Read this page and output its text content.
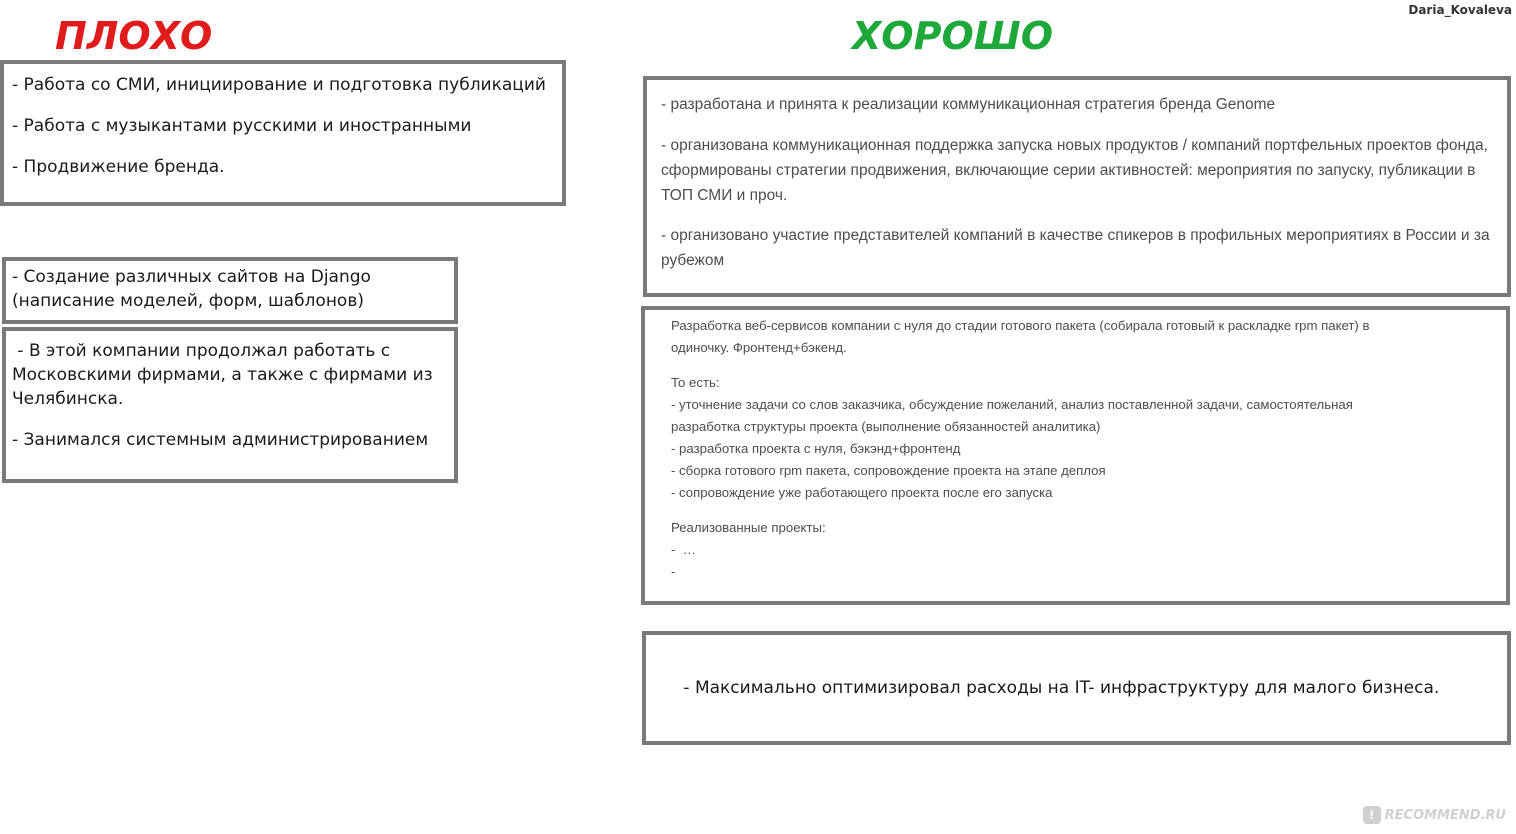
Daria_Kovaleva
ПЛОХО	ХОРОШО
- Работа со СМИ, инициирование и подготовка публикаций
- Работа с музыкантами русскими и иностранными
- Продвижение бренда.
- Создание различных сайтов на Django
(написание моделей, форм, шаблонов)
- В этой компании продолжал работать с
Московскими фирмами, а также с фирмами из
Челябинска.
- Занимался системным администрированием
- разработана и принята к реализации коммуникационная стратегия бренда Genome
- организована коммуникационная поддержка запуска новых продуктов / компаний портфельных проектов фонда,
сформированы стратегии продвижения, включающие серии активностей: мероприятия по запуску, публикации в
ТОП СМИ и проч.
- организовано участие представителей компаний в качестве спикеров в профильных мероприятиях в России и за
рубежом
Разработка веб-сервисов компании с нуля до стадии готового пакета (собирала готовый к раскладке rpm пакет) в
одиночку. Фронтенд+бэкенд.
То есть:
- уточнение задачи со слов заказчика, обсуждение пожеланий, анализ поставленной задачи, самостоятельная
разработка структуры проекта (выполнение обязанностей аналитика)
- разработка проекта с нуля, бэкэнд+фронтенд
- сборка готового rpm пакета, сопровождение проекта на этапе деплоя
- сопровождение уже работающего проекта после его запуска
Реализованные проекты:
-  …
-
- Максимально оптимизировал расходы на IT- инфраструктуру для малого бизнеса.
! RECOMMEND.RU
